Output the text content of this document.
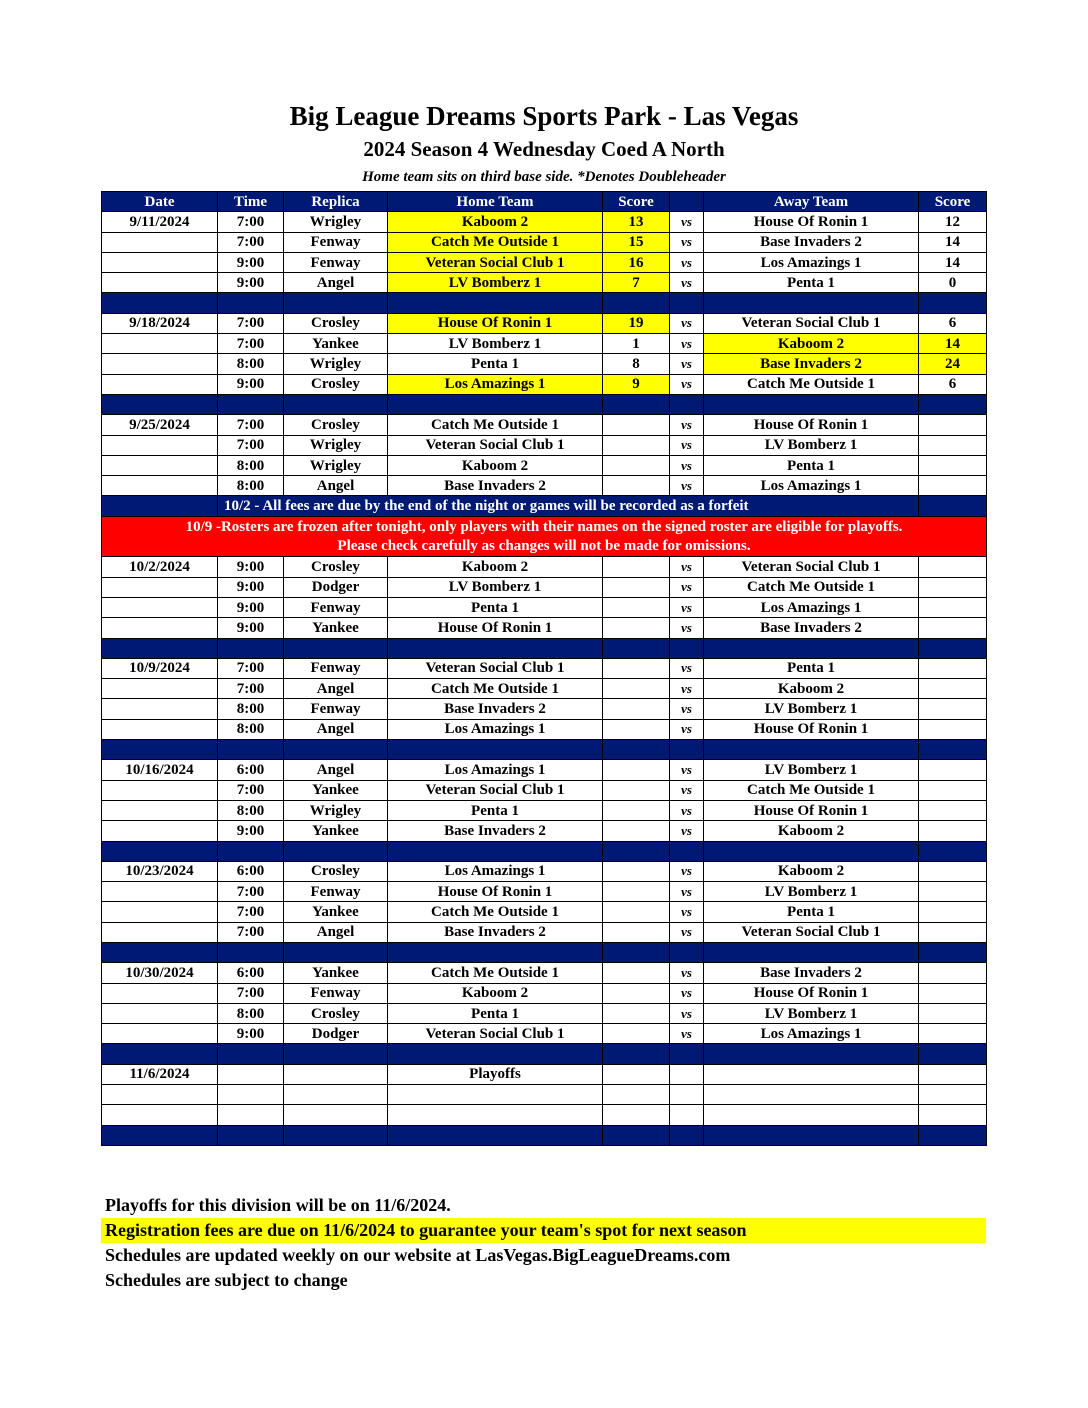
Big League Dreams Sports Park - Las Vegas
2024 Season 4 Wednesday Coed A North
Home team sits on third base side. *Denotes Doubleheader
Date	Time	Replica	Home Team	Score		Away Team	Score
9/11/2024	7:00	Wrigley	Kaboom 2	13	vs	House Of Ronin 1	12
	7:00	Fenway	Catch Me Outside 1	15	vs	Base Invaders 2	14
	9:00	Fenway	Veteran Social Club 1	16	vs	Los Amazings 1	14
	9:00	Angel	LV Bomberz 1	7	vs	Penta 1	0

9/18/2024	7:00	Crosley	House Of Ronin 1	19	vs	Veteran Social Club 1	6
	7:00	Yankee	LV Bomberz 1	1	vs	Kaboom 2	14
	8:00	Wrigley	Penta 1	8	vs	Base Invaders 2	24
	9:00	Crosley	Los Amazings 1	9	vs	Catch Me Outside 1	6

9/25/2024	7:00	Crosley	Catch Me Outside 1		vs	House Of Ronin 1	
	7:00	Wrigley	Veteran Social Club 1		vs	LV Bomberz 1	
	8:00	Wrigley	Kaboom 2		vs	Penta 1	
	8:00	Angel	Base Invaders 2		vs	Los Amazings 1	
	10/2 - All fees are due by the end of the night or games will be recorded as a forfeit						
10/9 -Rosters are frozen after tonight, only players with their names on the signed roster are eligible for playoffs.							
Please check carefully as changes will not be made for omissions.							
10/2/2024	9:00	Crosley	Kaboom 2		vs	Veteran Social Club 1	
	9:00	Dodger	LV Bomberz 1		vs	Catch Me Outside 1	
	9:00	Fenway	Penta 1		vs	Los Amazings 1	
	9:00	Yankee	House Of Ronin 1		vs	Base Invaders 2	

10/9/2024	7:00	Fenway	Veteran Social Club 1		vs	Penta 1	
	7:00	Angel	Catch Me Outside 1		vs	Kaboom 2	
	8:00	Fenway	Base Invaders 2		vs	LV Bomberz 1	
	8:00	Angel	Los Amazings 1		vs	House Of Ronin 1	

10/16/2024	6:00	Angel	Los Amazings 1		vs	LV Bomberz 1	
	7:00	Yankee	Veteran Social Club 1		vs	Catch Me Outside 1	
	8:00	Wrigley	Penta 1		vs	House Of Ronin 1	
	9:00	Yankee	Base Invaders 2		vs	Kaboom 2	

10/23/2024	6:00	Crosley	Los Amazings 1		vs	Kaboom 2	
	7:00	Fenway	House Of Ronin 1		vs	LV Bomberz 1	
	7:00	Yankee	Catch Me Outside 1		vs	Penta 1	
	7:00	Angel	Base Invaders 2		vs	Veteran Social Club 1	

10/30/2024	6:00	Yankee	Catch Me Outside 1		vs	Base Invaders 2	
	7:00	Fenway	Kaboom 2		vs	House Of Ronin 1	
	8:00	Crosley	Penta 1		vs	LV Bomberz 1	
	9:00	Dodger	Veteran Social Club 1		vs	Los Amazings 1	

11/6/2024			Playoffs				

Playoffs for this division will be on 11/6/2024.
Registration fees are due on 11/6/2024 to guarantee your team's spot for next season
Schedules are updated weekly on our website at LasVegas.BigLeagueDreams.com
Schedules are subject to change
